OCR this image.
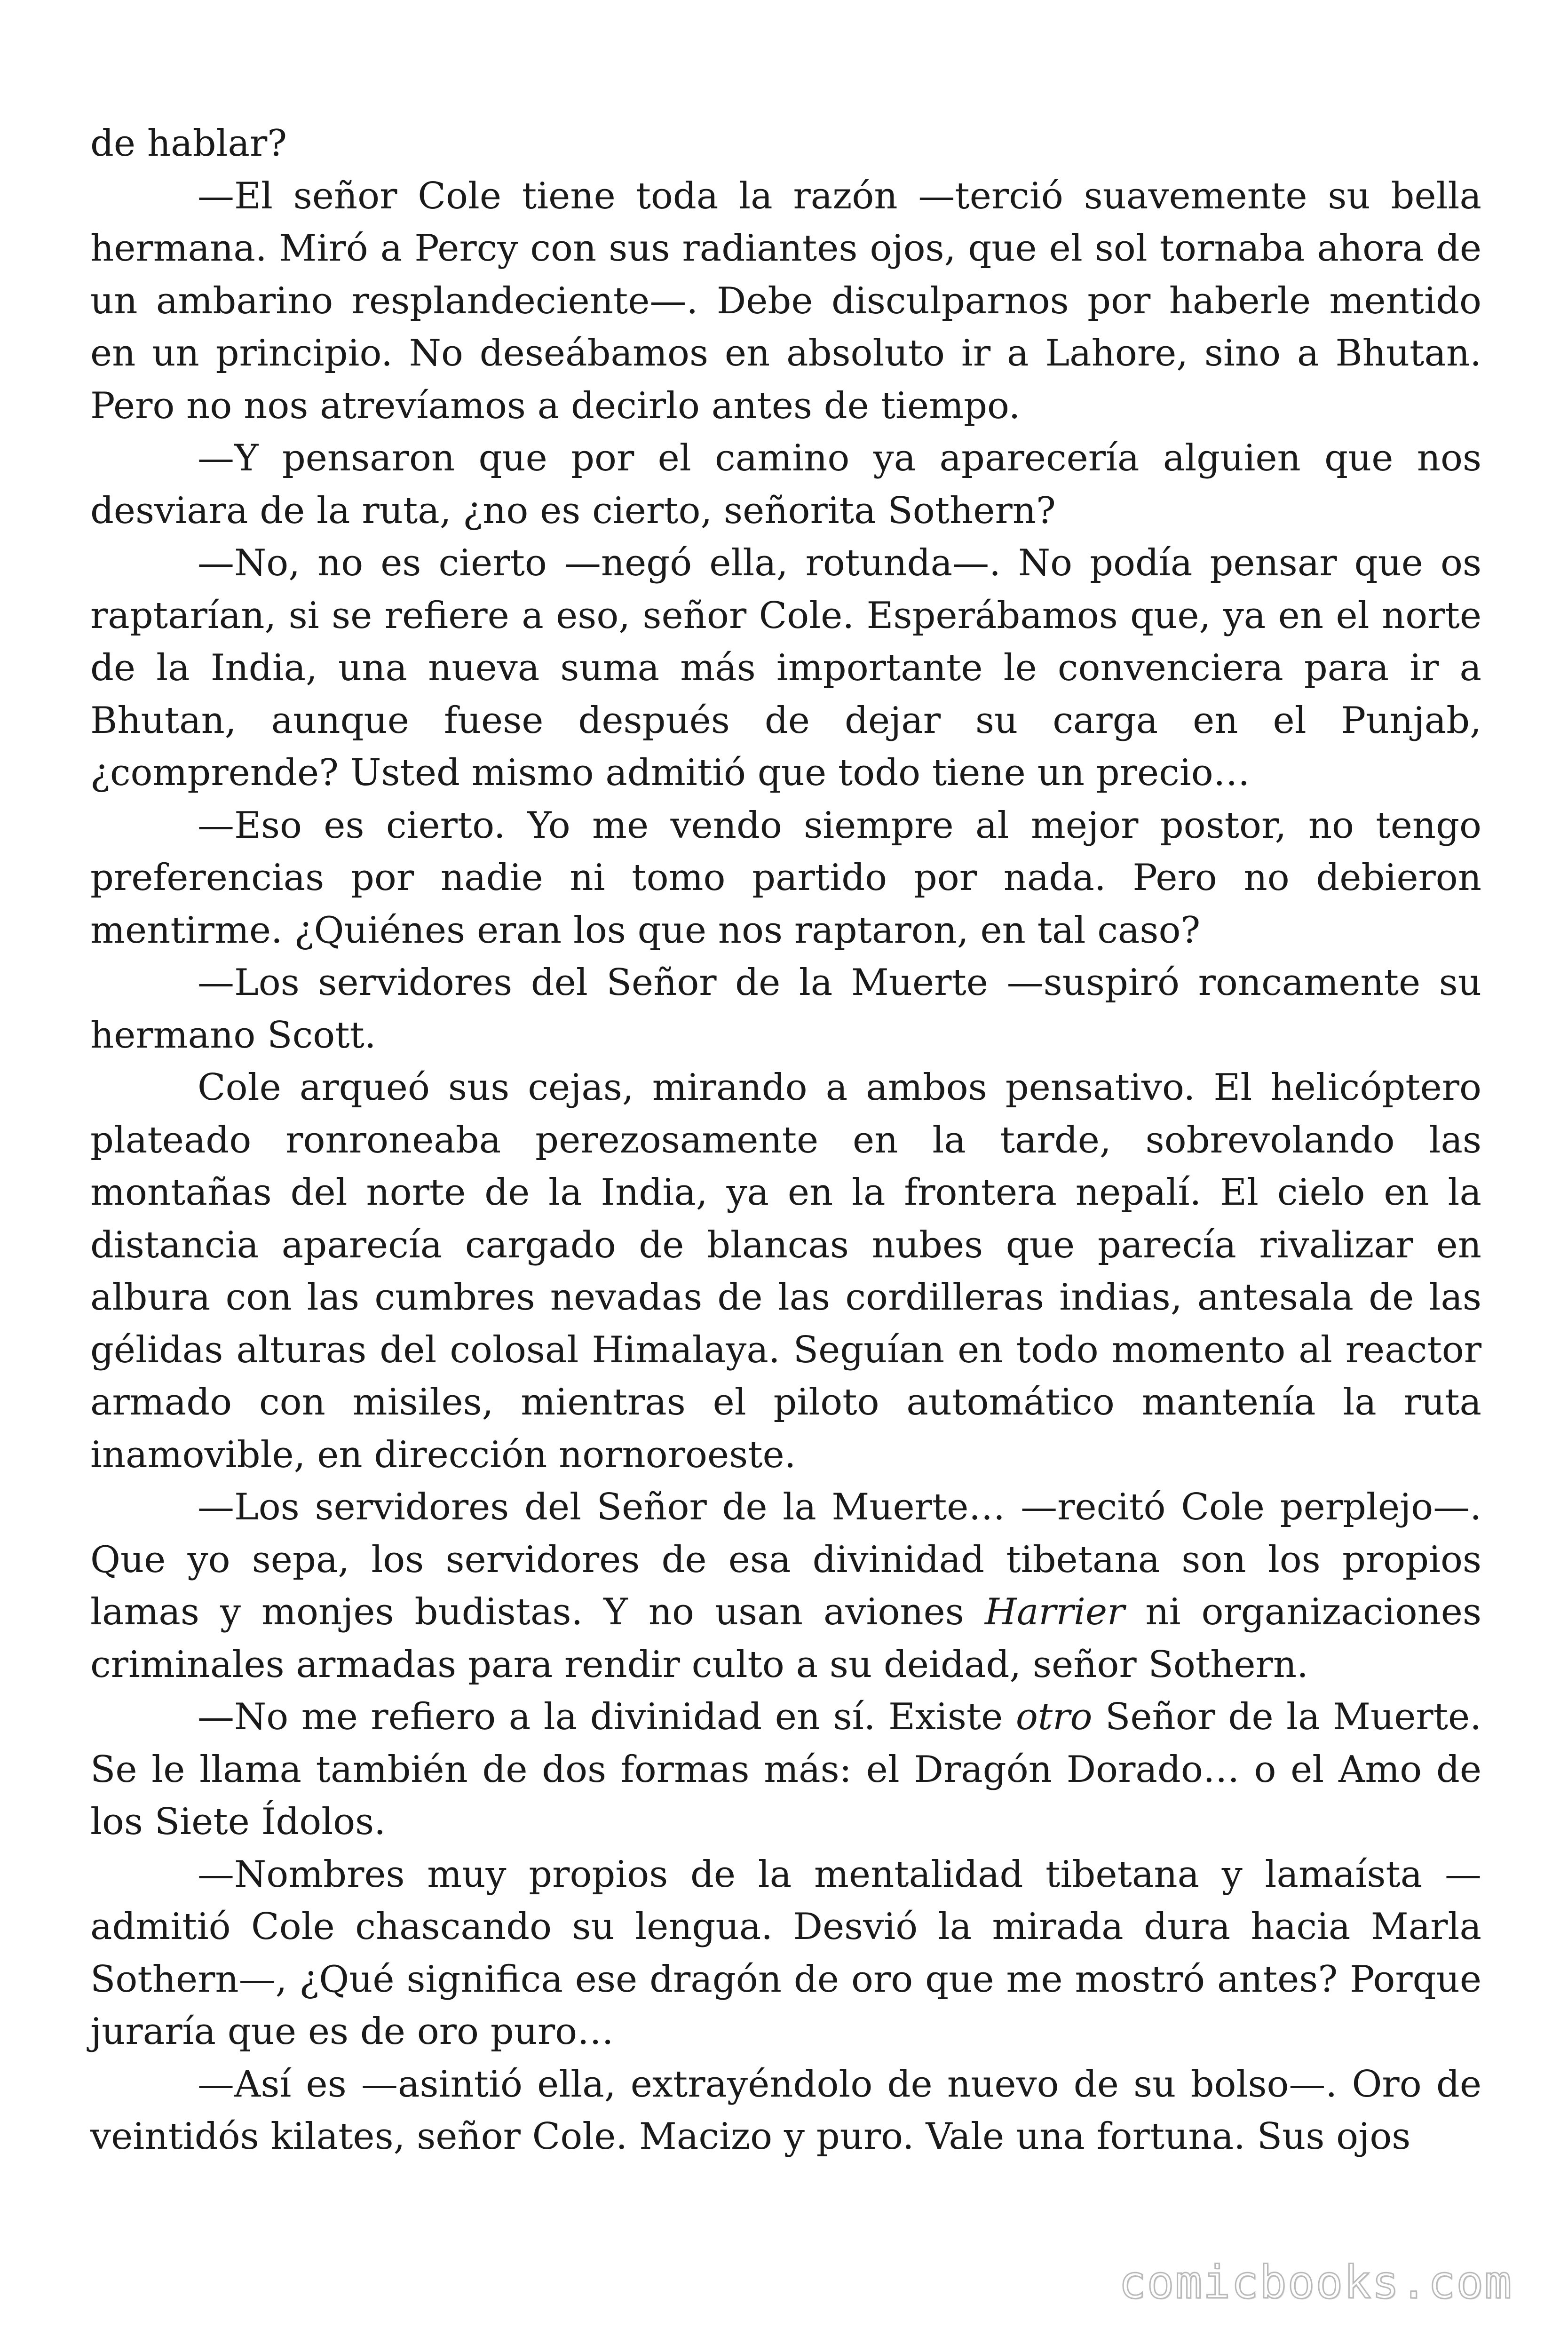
de hablar?

—El señor Cole tiene toda la razón —terció suavemente su bella hermana. Miró a Percy con sus radiantes ojos, que el sol tornaba ahora de un ambarino resplandeciente—. Debe disculparnos por haberle mentido en un principio. No deseábamos en absoluto ir a Lahore, sino a Bhutan. Pero no nos atrevíamos a decirlo antes de tiempo.

—Y pensaron que por el camino ya aparecería alguien que nos desviara de la ruta, ¿no es cierto, señorita Sothern?

—No, no es cierto —negó ella, rotunda—. No podía pensar que os raptarían, si se refiere a eso, señor Cole. Esperábamos que, ya en el norte de la India, una nueva suma más importante le convenciera para ir a Bhutan, aunque fuese después de dejar su carga en el Punjab, ¿comprende? Usted mismo admitió que todo tiene un precio…

—Eso es cierto. Yo me vendo siempre al mejor postor, no tengo preferencias por nadie ni tomo partido por nada. Pero no debieron mentirme. ¿Quiénes eran los que nos raptaron, en tal caso?

—Los servidores del Señor de la Muerte —suspiró roncamente su hermano Scott.

Cole arqueó sus cejas, mirando a ambos pensativo. El helicóptero plateado ronroneaba perezosamente en la tarde, sobrevolando las montañas del norte de la India, ya en la frontera nepalí. El cielo en la distancia aparecía cargado de blancas nubes que parecía rivalizar en albura con las cumbres nevadas de las cordilleras indias, antesala de las gélidas alturas del colosal Himalaya. Seguían en todo momento al reactor armado con misiles, mientras el piloto automático mantenía la ruta inamovible, en dirección nornoroeste.

—Los servidores del Señor de la Muerte… —recitó Cole perplejo—. Que yo sepa, los servidores de esa divinidad tibetana son los propios lamas y monjes budistas. Y no usan aviones Harrier ni organizaciones criminales armadas para rendir culto a su deidad, señor Sothern.

—No me refiero a la divinidad en sí. Existe otro Señor de la Muerte. Se le llama también de dos formas más: el Dragón Dorado… o el Amo de los Siete Ídolos.

—Nombres muy propios de la mentalidad tibetana y lamaísta —admitió Cole chascando su lengua. Desvió la mirada dura hacia Marla Sothern—, ¿Qué significa ese dragón de oro que me mostró antes? Porque juraría que es de oro puro…

—Así es —asintió ella, extrayéndolo de nuevo de su bolso—. Oro de veintidós kilates, señor Cole. Macizo y puro. Vale una fortuna. Sus ojos

comicbooks.com
